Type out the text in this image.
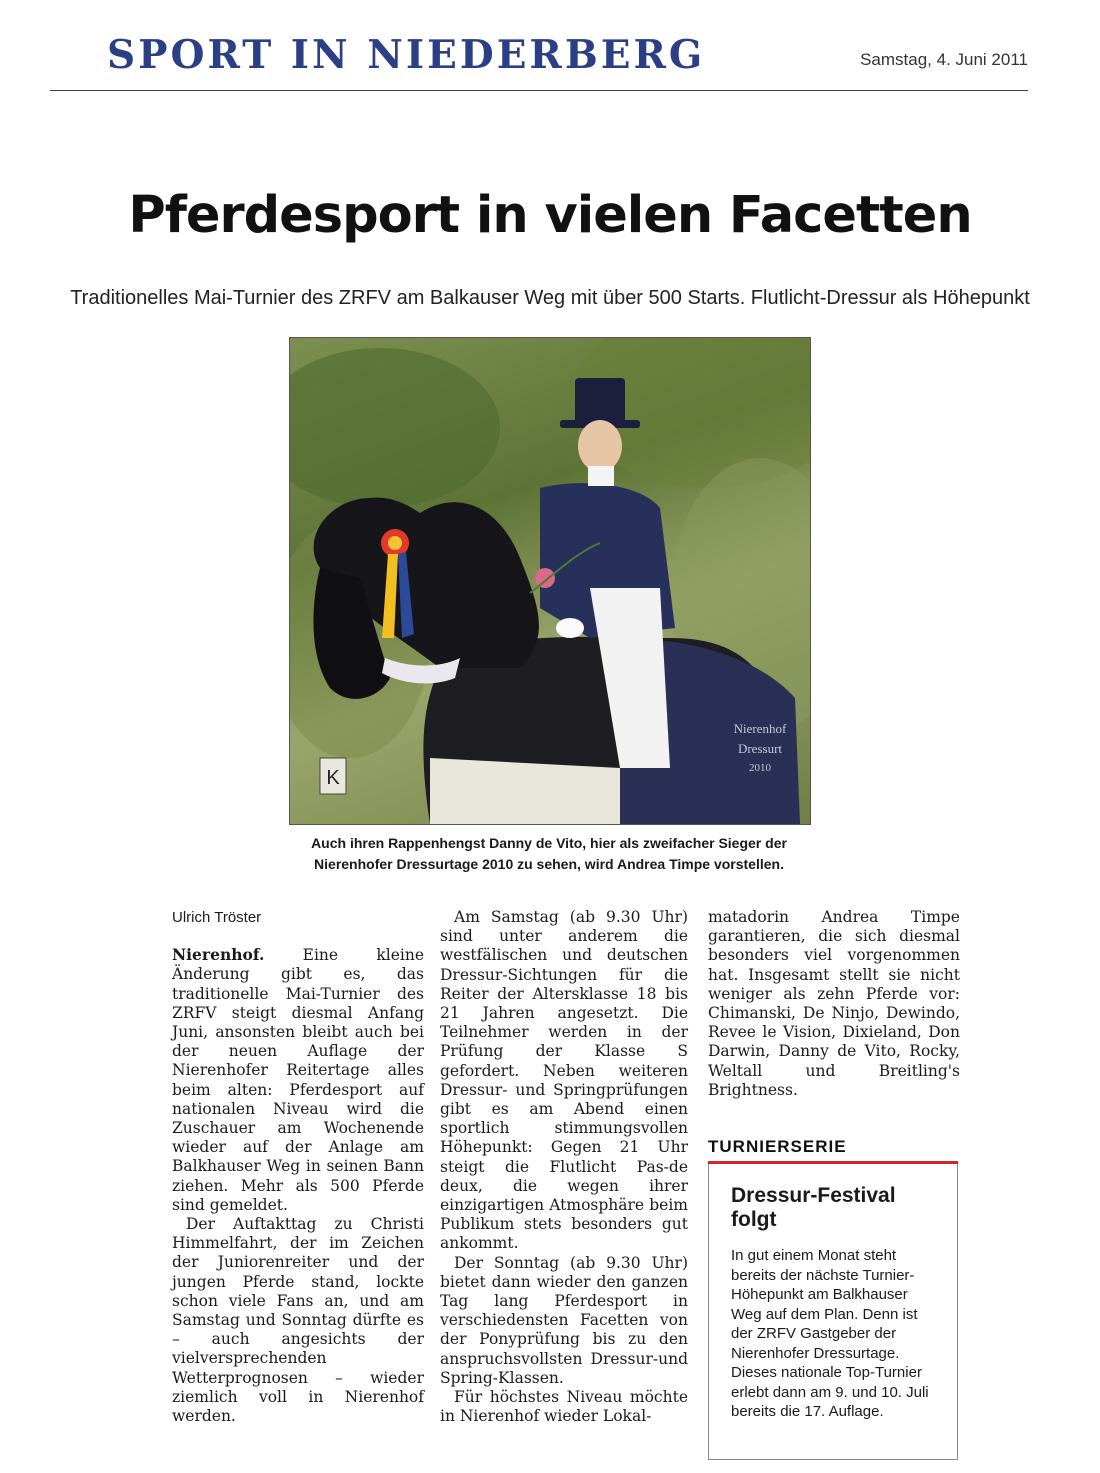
SPORT IN NIEDERBERG	Samstag, 4. Juni 2011
Pferdesport in vielen Facetten
Traditionelles Mai-Turnier des ZRFV am Balkauser Weg mit über 500 Starts. Flutlicht-Dressur als Höhepunkt
K
Nierenhof
Dressurt
2010
Auch ihren Rappenhengst Danny de Vito, hier als zweifacher Sieger der
Nierenhofer Dressurtage 2010 zu sehen, wird Andrea Timpe vorstellen.
Ulrich Tröster

Nierenhof. Eine kleine Änderung gibt es, das traditionelle Mai-Turnier des ZRFV steigt diesmal Anfang Juni, ansonsten bleibt auch bei der neuen Auflage der Nierenhofer Reitertage alles beim alten: Pferdesport auf nationalen Niveau wird die Zuschauer am Wochenende wieder auf der Anlage am Balkhauser Weg in seinen Bann ziehen. Mehr als 500 Pferde sind gemeldet.

Der Auftakttag zu Christi Himmelfahrt, der im Zeichen der Juniorenreiter und der jungen Pferde stand, lockte schon viele Fans an, und am Samstag und Sonntag dürfte es – auch angesichts der vielversprechenden Wetterprognosen – wieder ziemlich voll in Nierenhof werden.

Am Samstag (ab 9.30 Uhr) sind unter anderem die westfälischen und deutschen Dressur-Sichtungen für die Reiter der Altersklasse 18 bis 21 Jahren angesetzt. Die Teilnehmer werden in der Prüfung der Klasse S gefordert. Neben weiteren Dressur- und Springprüfungen gibt es am Abend einen sportlich stimmungsvollen Höhepunkt: Gegen 21 Uhr steigt die Flutlicht Pas-de deux, die wegen ihrer einzigartigen Atmosphäre beim Publikum stets besonders gut ankommt.

Der Sonntag (ab 9.30 Uhr) bietet dann wieder den ganzen Tag lang Pferdesport in verschiedensten Facetten von der Ponyprüfung bis zu den anspruchsvollsten Dressur-und Spring-Klassen.

Für höchstes Niveau möchte in Nierenhof wieder Lokal-

matadorin Andrea Timpe garantieren, die sich diesmal besonders viel vorgenommen hat. Insgesamt stellt sie nicht weniger als zehn Pferde vor: Chimanski, De Ninjo, Dewindo, Revee le Vision, Dixieland, Don Darwin, Danny de Vito, Rocky, Weltall und Breitling's Brightness.

TURNIERSERIE
Dressur-Festival folgt
In gut einem Monat steht bereits der nächste Turnier-Höhepunkt am Balkhauser Weg auf dem Plan. Denn ist der ZRFV Gastgeber der Nierenhofer Dressurtage. Dieses nationale Top-Turnier erlebt dann am 9. und 10. Juli bereits die 17. Auflage.
